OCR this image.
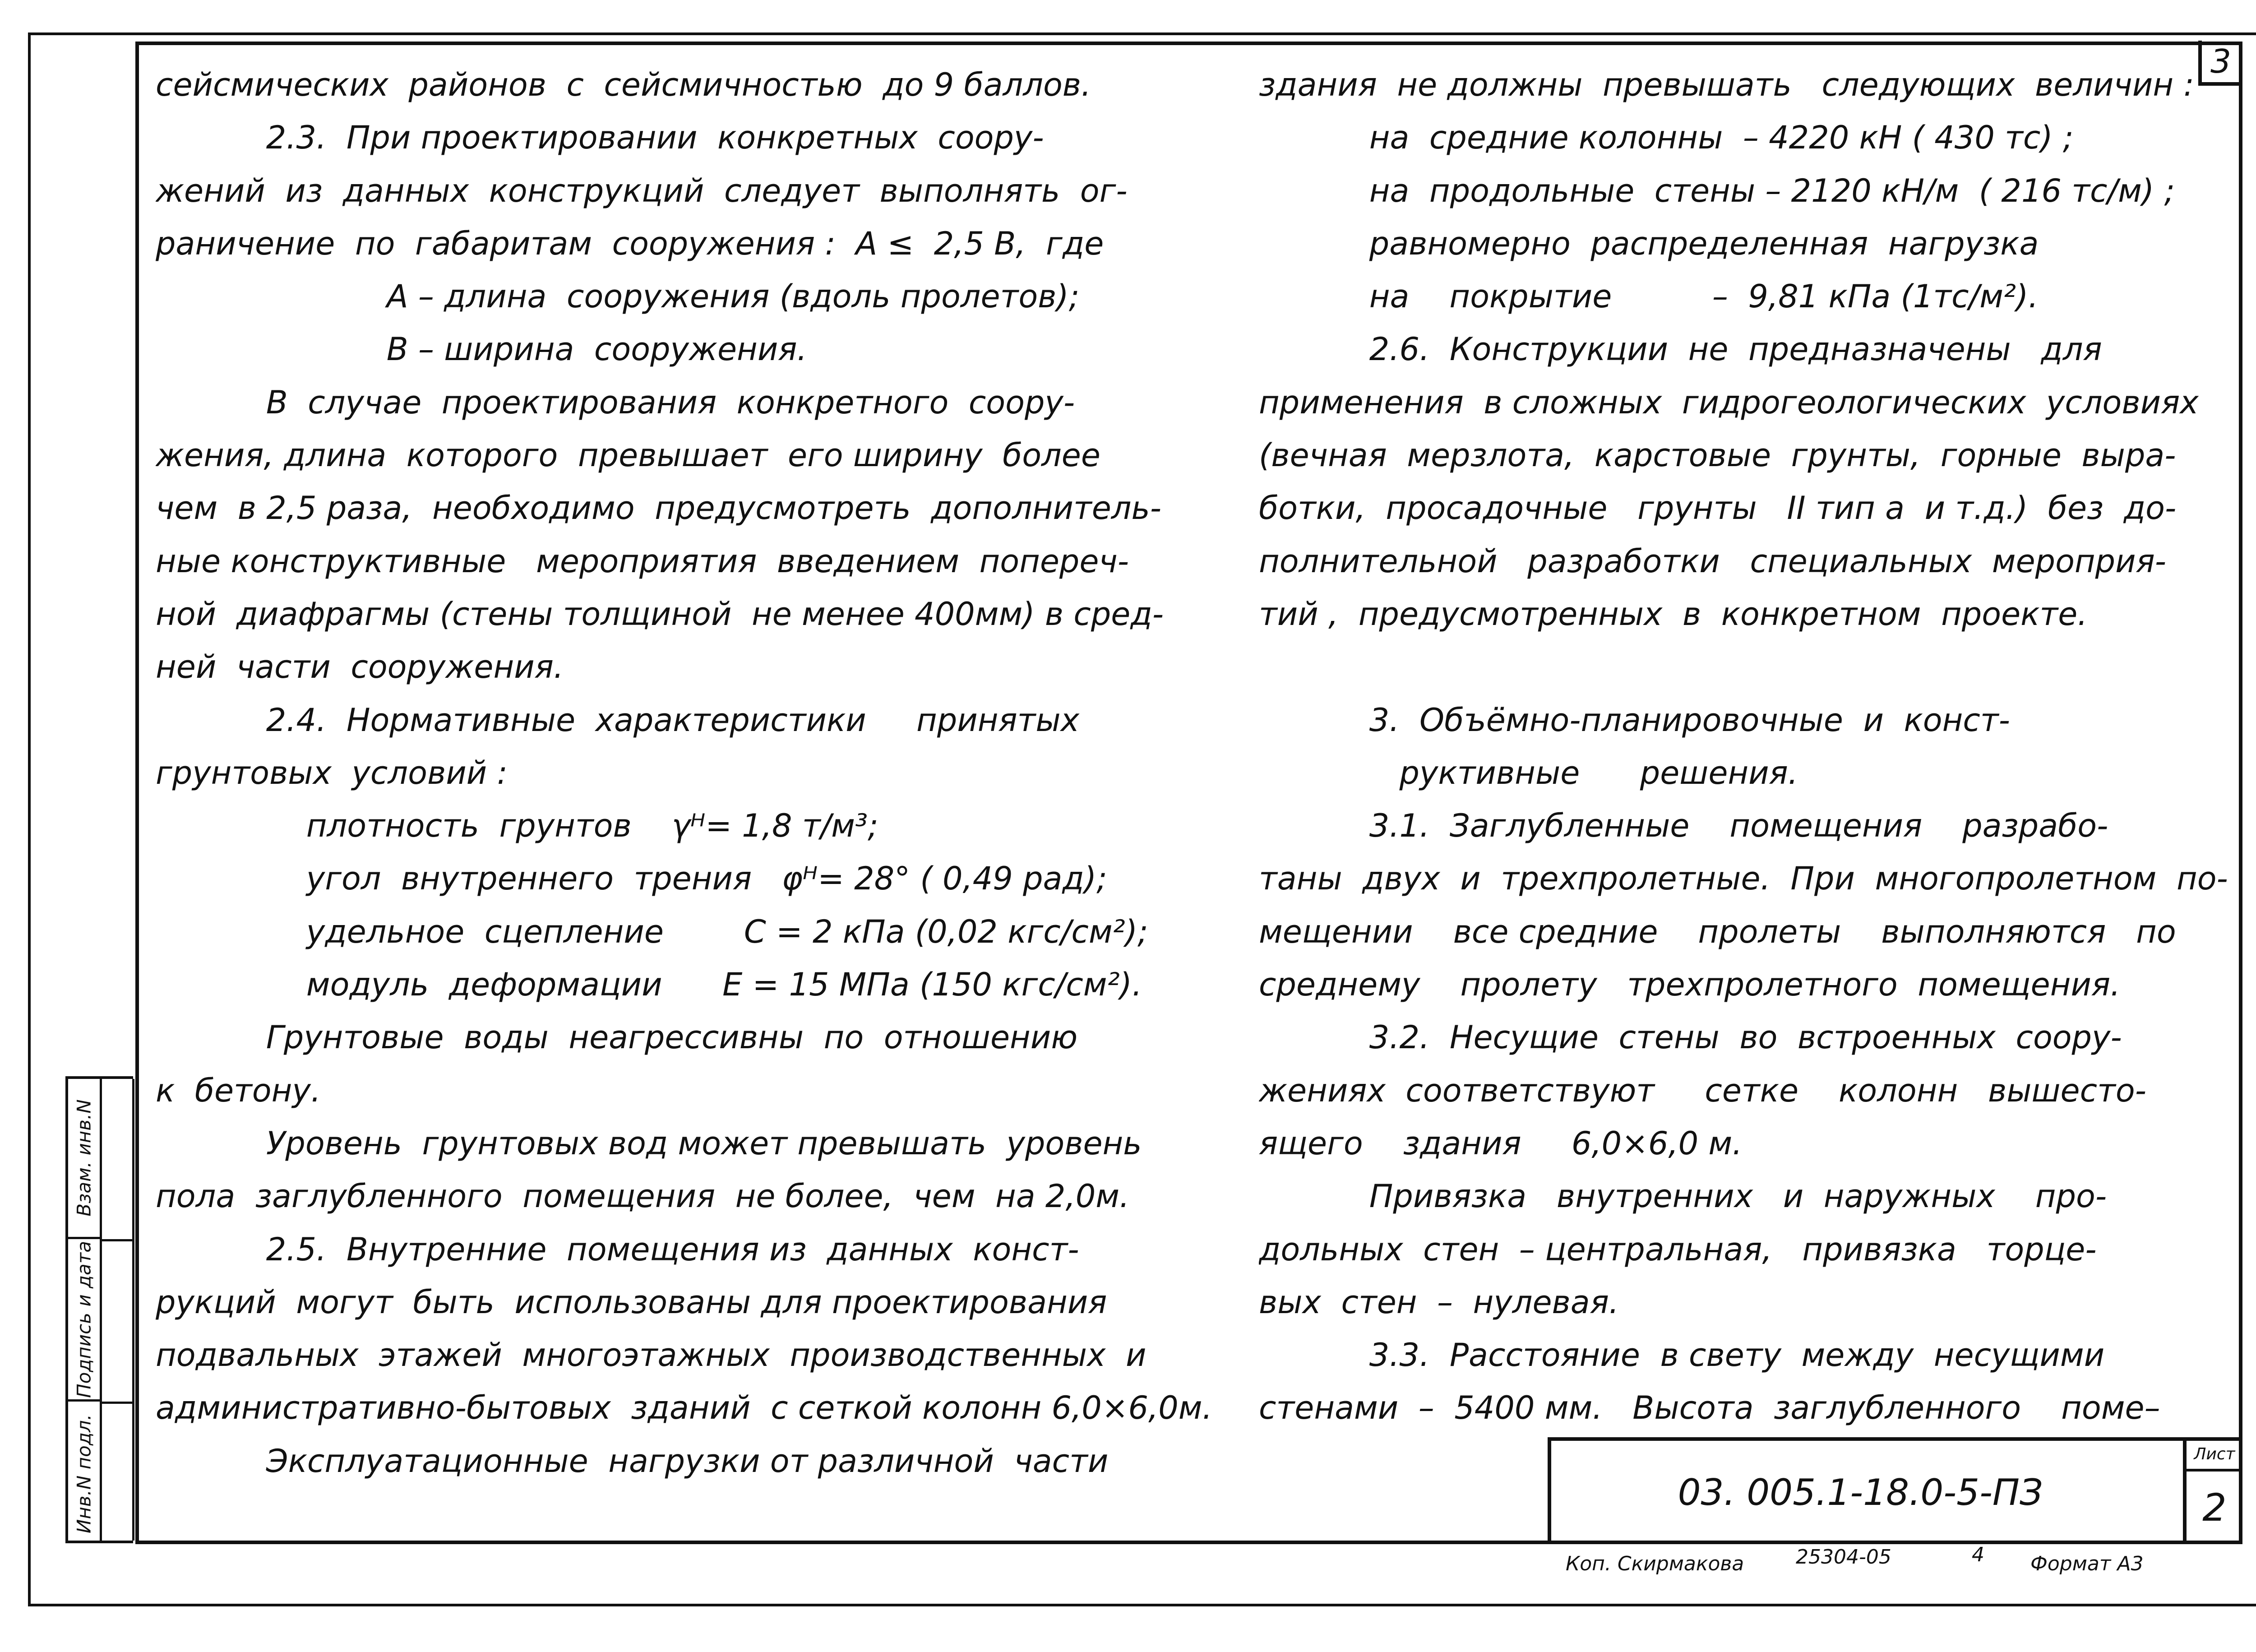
3
сейсмических  районов  с  сейсмичностью  до 9 баллов.
2.3.  При проектировании  конкретных  соору-
жений  из  данных  конструкций  следует  выполнять  ог-
раничение  по  габаритам  сооружения :  А ≤  2,5 В,  где
А – длина  сооружения (вдоль пролетов);
В – ширина  сооружения.
В  случае  проектирования  конкретного  соору-
жения, длина  которого  превышает  его ширину  более
чем  в 2,5 раза,  необходимо  предусмотреть  дополнитель-
ные конструктивные   мероприятия  введением  попереч-
ной  диафрагмы (стены толщиной  не менее 400мм) в сред-
ней  части  сооружения.
2.4.  Нормативные  характеристики     принятых
грунтовых  условий :
плотность  грунтов    γᴴ= 1,8 т/м³;
угол  внутреннего  трения   φᴴ= 28° ( 0,49 рад);
удельное  сцепление        С = 2 кПа (0,02 кгс/см²);
модуль  деформации      Е = 15 МПа (150 кгс/см²).
Грунтовые  воды  неагрессивны  по  отношению
к  бетону.
Уровень  грунтовых вод может превышать  уровень
пола  заглубленного  помещения  не более,  чем  на 2,0м.
2.5.  Внутренние  помещения из  данных  конст-
рукций  могут  быть  использованы для проектирования
подвальных  этажей  многоэтажных  производственных  и
административно-бытовых  зданий  с сеткой колонн 6,0×6,0м.
Эксплуатационные  нагрузки от различной  части
здания  не должны  превышать   следующих  величин :
на  средние колонны  – 4220 кН ( 430 тс) ;
на  продольные  стены – 2120 кН/м  ( 216 тс/м) ;
равномерно  распределенная  нагрузка
на    покрытие          –  9,81 кПа (1тс/м²).
2.6.  Конструкции  не  предназначены   для
применения  в сложных  гидрогеологических  условиях
(вечная  мерзлота,  карстовые  грунты,  горные  выра-
ботки,  просадочные   грунты   II тип а  и т.д.)  без  до-
полнительной   разработки   специальных  мероприя-
тий ,  предусмотренных  в  конкретном  проекте.
3.  Объёмно-планировочные  и  конст-
руктивные      решения.
3.1.  Заглубленные    помещения    разрабо-
таны  двух  и  трехпролетные.  При  многопролетном  по-
мещении    все средние    пролеты    выполняются   по
среднему    пролету   трехпролетного  помещения.
3.2.  Несущие  стены  во  встроенных  соору-
жениях  соответствуют     сетке    колонн   вышесто-
ящего    здания     6,0×6,0 м.
Привязка   внутренних   и  наружных    про-
дольных  стен  – центральная,   привязка   торце-
вых  стен  –  нулевая.
3.3.  Расстояние  в свету  между  несущими
стенами  –  5400 мм.   Высота  заглубленного    поме–
Взам. инв.N
Подпись и дата
Инв.N подл.	03. 005.1-18.0-5-ПЗ
Лист
2
Коп. Скирмакова	25304-05	4 Формат А3
